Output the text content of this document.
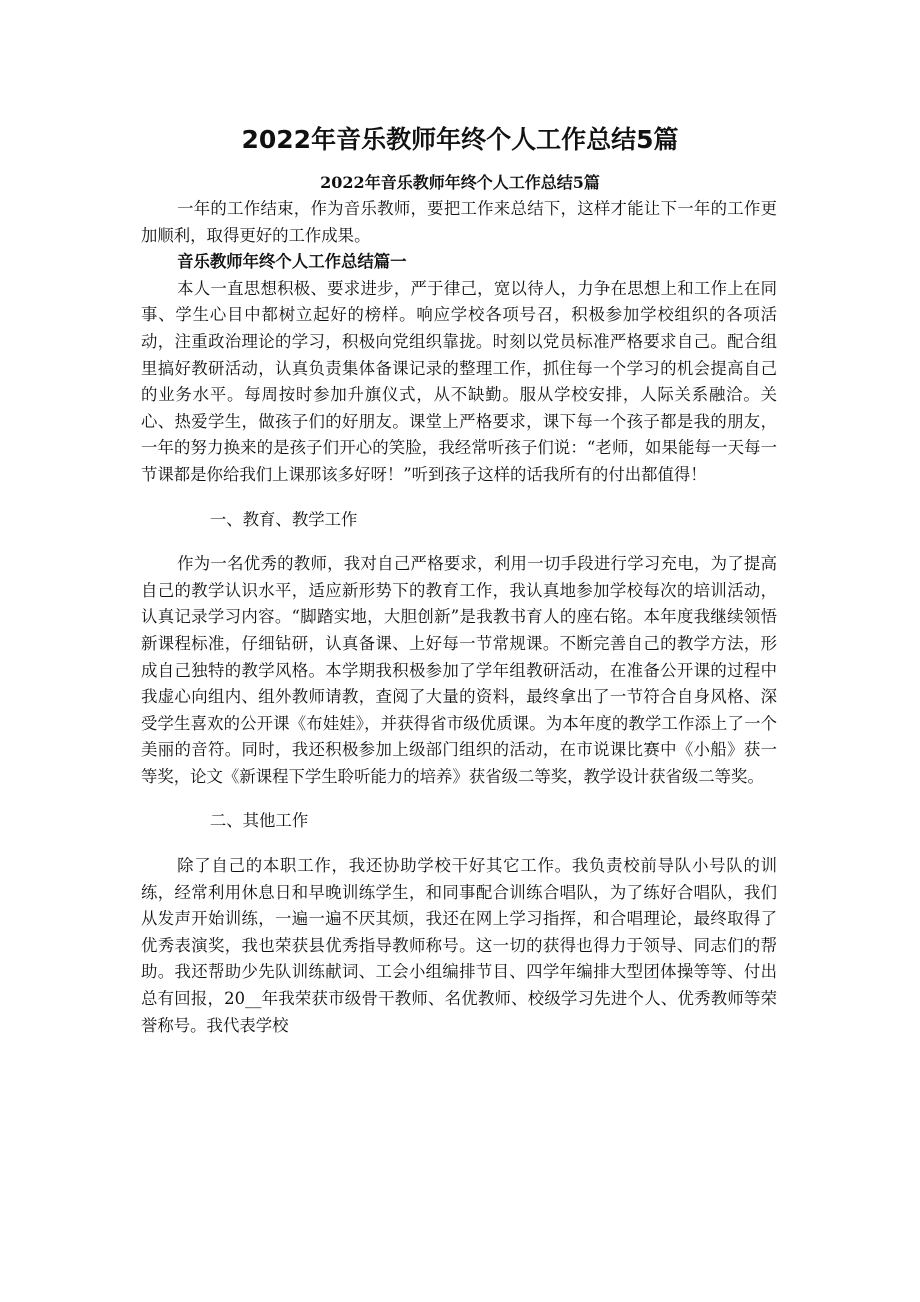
2022年音乐教师年终个人工作总结5篇
2022年音乐教师年终个人工作总结5篇

一年的工作结束，作为音乐教师，要把工作来总结下，这样才能让下一年的工作更加顺利，取得更好的工作成果。

音乐教师年终个人工作总结篇一

本人一直思想积极、要求进步，严于律己，宽以待人，力争在思想上和工作上在同事、学生心目中都树立起好的榜样。响应学校各项号召，积极参加学校组织的各项活动，注重政治理论的学习，积极向党组织靠拢。时刻以党员标准严格要求自己。配合组里搞好教研活动，认真负责集体备课记录的整理工作，抓住每一个学习的机会提高自己的业务水平。每周按时参加升旗仪式，从不缺勤。服从学校安排，人际关系融洽。关心、热爱学生，做孩子们的好朋友。课堂上严格要求，课下每一个孩子都是我的朋友，一年的努力换来的是孩子们开心的笑脸，我经常听孩子们说：“老师，如果能每一天每一节课都是你给我们上课那该多好呀！”听到孩子这样的话我所有的付出都值得！

一、教育、教学工作

作为一名优秀的教师，我对自己严格要求，利用一切手段进行学习充电，为了提高自己的教学认识水平，适应新形势下的教育工作，我认真地参加学校每次的培训活动，认真记录学习内容。“脚踏实地，大胆创新”是我教书育人的座右铭。本年度我继续领悟新课程标准，仔细钻研，认真备课、上好每一节常规课。不断完善自己的教学方法，形成自己独特的教学风格。本学期我积极参加了学年组教研活动，在准备公开课的过程中我虚心向组内、组外教师请教，查阅了大量的资料，最终拿出了一节符合自身风格、深受学生喜欢的公开课《布娃娃》，并获得省市级优质课。为本年度的教学工作添上了一个美丽的音符。同时，我还积极参加上级部门组织的活动，在市说课比赛中《小船》获一等奖，论文《新课程下学生聆听能力的培养》获省级二等奖，教学设计获省级二等奖。

二、其他工作

除了自己的本职工作，我还协助学校干好其它工作。我负责校前导队小号队的训练，经常利用休息日和早晚训练学生，和同事配合训练合唱队，为了练好合唱队，我们从发声开始训练，一遍一遍不厌其烦，我还在网上学习指挥，和合唱理论，最终取得了优秀表演奖，我也荣获县优秀指导教师称号。这一切的获得也得力于领导、同志们的帮助。我还帮助少先队训练献词、工会小组编排节目、四学年编排大型团体操等等、付出总有回报，20__年我荣获市级骨干教师、名优教师、校级学习先进个人、优秀教师等荣誉称号。我代表学校
